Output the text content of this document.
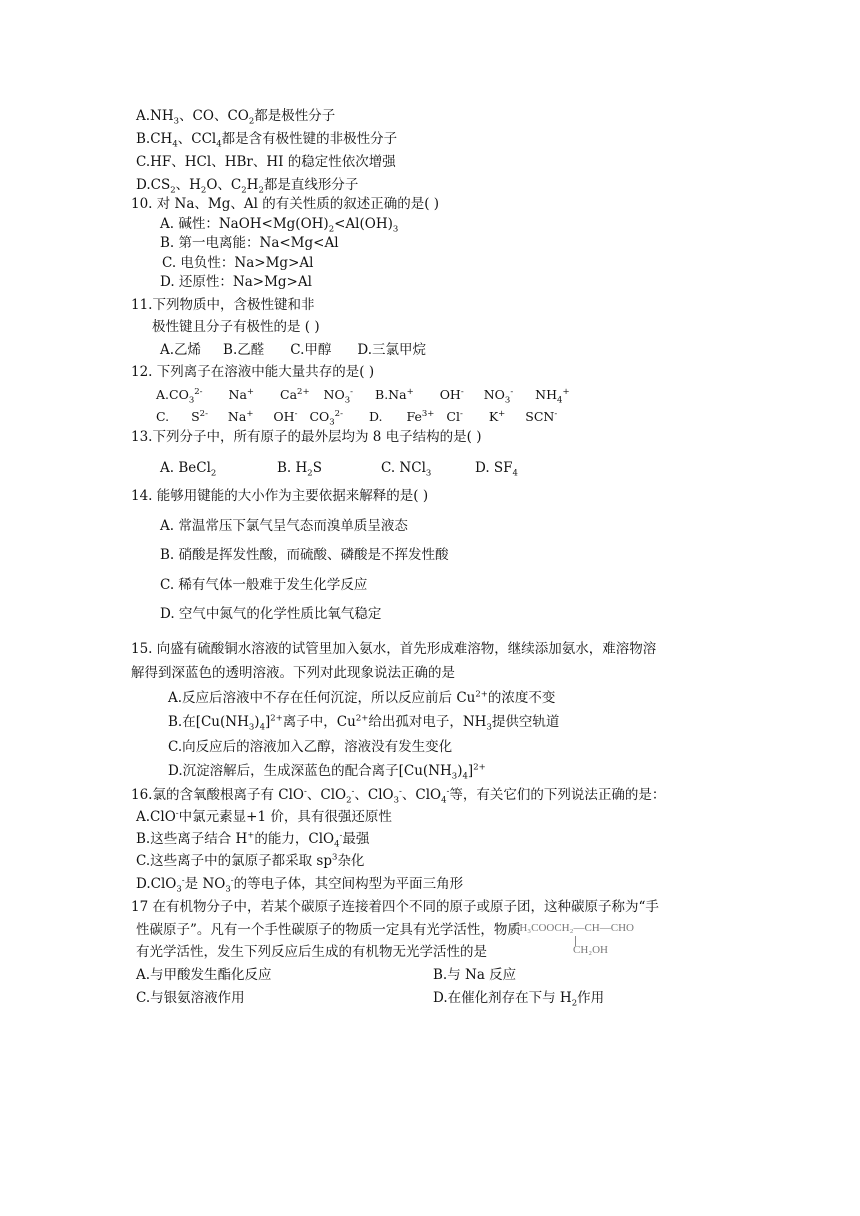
$A.NH_3$、CO、$CO_2$都是极性分子
$B.CH_4$、CCl$_4$都是含有极性键的非极性分子
C.HF、HCl、HBr、HI 的稳定性依次增强
$D.CS_2$、$H_2O$、$C_2H_2$都是直线形分子
10. 对 Na、Mg、Al 的有关性质的叙述正确的是( )
A. 碱性：$NaOH<Mg(OH)_2<Al(OH)_3$
B. 第一电离能：Na<Mg<Al
C. 电负性：Na>Mg>Al
D. 还原性：Na>Mg>Al
11.下列物质中，含极性键和非
极性键且分子有极性的是 ( )
A.乙烯 B.乙醛 C.甲醇 D.三氯甲烷
12. 下列离子在溶液中能大量共存的是( )
$A.CO_3^{2-}$ Na+ $Ca^{2+}$ $NO_3^-$ B.Na+ OH- $NO_3^-$ $NH_4^+$
C. $S^{2-}$ Na+ OH- $CO_3^{2-}$ D. $Fe^{3+}$ Cl- K+ SCN-
13.下列分子中，所有原子的最外层均为 8 电子结构的是( )
A. BeCl$_2$	B. $H_2S$	C. NCl$_3$	D. $SF_4$
14. 能够用键能的大小作为主要依据来解释的是( )
A. 常温常压下氯气呈气态而溴单质呈液态
B. 硝酸是挥发性酸，而硫酸、磷酸是不挥发性酸
C. 稀有气体一般难于发生化学反应
D. 空气中氮气的化学性质比氧气稳定
15. 向盛有硫酸铜水溶液的试管里加入氨水，首先形成难溶物，继续添加氨水，难溶物溶
解得到深蓝色的透明溶液。下列对此现象说法正确的是
A.反应后溶液中不存在任何沉淀，所以反应前后 $Cu^{2+}$的浓度不变
B.在$[Cu(NH_3)_4]^{2+}$离子中，$Cu^{2+}$给出孤对电子，$NH_3$提供空轨道
C.向反应后的溶液加入乙醇，溶液没有发生变化
D.沉淀溶解后，生成深蓝色的配合离子$[Cu(NH_3)_4]^{2+}$
16.氯的含氧酸根离子有 ClO-、ClO$_2$-、ClO$_3$-、ClO$_4$-等，有关它们的下列说法正确的是：
A.ClO-中氯元素显+1 价，具有很强还原性
B.这些离子结合 H+的能力，ClO$_4$-最强
C.这些离子中的氯原子都采取 $sp^3$杂化
D.ClO$_3$-是 $NO_3^-$的等电子体，其空间构型为平面三角形
17 在有机物分子中，若某个碳原子连接着四个不同的原子或原子团，这种碳原子称为“手
性碳原子”。凡有一个手性碳原子的物质一定具有光学活性，物质
有光学活性，发生下列反应后生成的有机物无光学活性的是
CH₃COOCH₂—CH—CHO
CH₂OH
A.与甲酸发生酯化反应	B.与 Na 反应
C.与银氨溶液作用	D.在催化剂存在下与 $H_2$作用
